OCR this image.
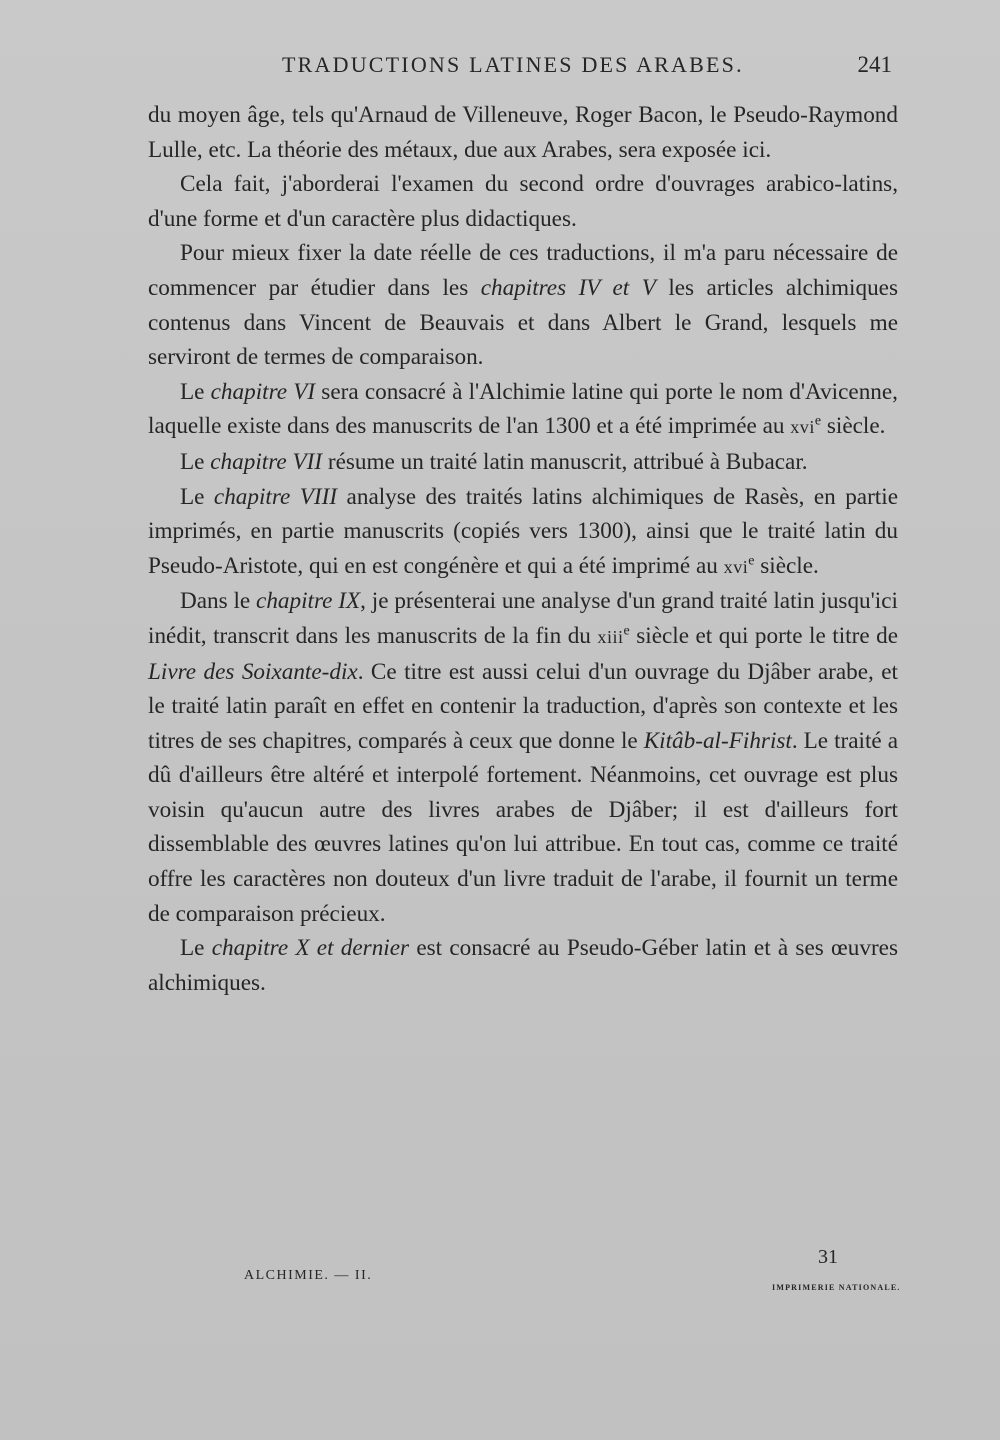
TRADUCTIONS LATINES DES ARABES.	241

du moyen âge, tels qu'Arnaud de Villeneuve, Roger Bacon, le Pseudo-Raymond Lulle, etc. La théorie des métaux, due aux Arabes, sera exposée ici.

Cela fait, j'aborderai l'examen du second ordre d'ouvrages arabico-latins, d'une forme et d'un caractère plus didactiques.

Pour mieux fixer la date réelle de ces traductions, il m'a paru nécessaire de commencer par étudier dans les chapitres IV et V les articles alchimiques contenus dans Vincent de Beauvais et dans Albert le Grand, lesquels me serviront de termes de comparaison.

Le chapitre VI sera consacré à l'Alchimie latine qui porte le nom d'Avicenne, laquelle existe dans des manuscrits de l'an 1300 et a été imprimée au xvi$^e$ siècle.

Le chapitre VII résume un traité latin manuscrit, attribué à Bubacar.

Le chapitre VIII analyse des traités latins alchimiques de Rasès, en partie imprimés, en partie manuscrits (copiés vers 1300), ainsi que le traité latin du Pseudo-Aristote, qui en est congénère et qui a été imprimé au xvi$^e$ siècle.

Dans le chapitre IX, je présenterai une analyse d'un grand traité latin jusqu'ici inédit, transcrit dans les manuscrits de la fin du xiii$^e$ siècle et qui porte le titre de Livre des Soixante-dix. Ce titre est aussi celui d'un ouvrage du Djâber arabe, et le traité latin paraît en effet en contenir la traduction, d'après son contexte et les titres de ses chapitres, comparés à ceux que donne le Kitâb-al-Fihrist. Le traité a dû d'ailleurs être altéré et interpolé fortement. Néanmoins, cet ouvrage est plus voisin qu'aucun autre des livres arabes de Djâber; il est d'ailleurs fort dissemblable des œuvres latines qu'on lui attribue. En tout cas, comme ce traité offre les caractères non douteux d'un livre traduit de l'arabe, il fournit un terme de comparaison précieux.

Le chapitre X et dernier est consacré au Pseudo-Géber latin et à ses œuvres alchimiques.

ALCHIMIE. — II.
31
IMPRIMERIE NATIONALE.
